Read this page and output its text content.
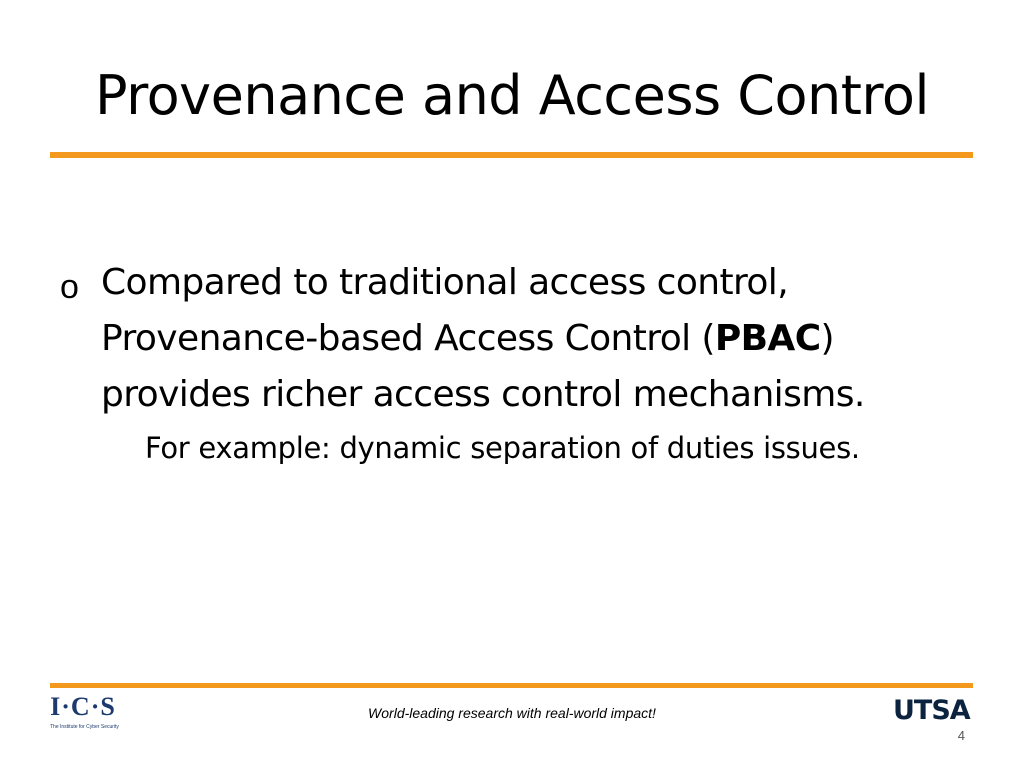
Provenance and Access Control
o Compared to traditional access control, Provenance-based Access Control (PBAC) provides richer access control mechanisms.
For example: dynamic separation of duties issues.
I·C·S
The Institute for Cyber Security
World-leading research with real-world impact!	UTSA
4
